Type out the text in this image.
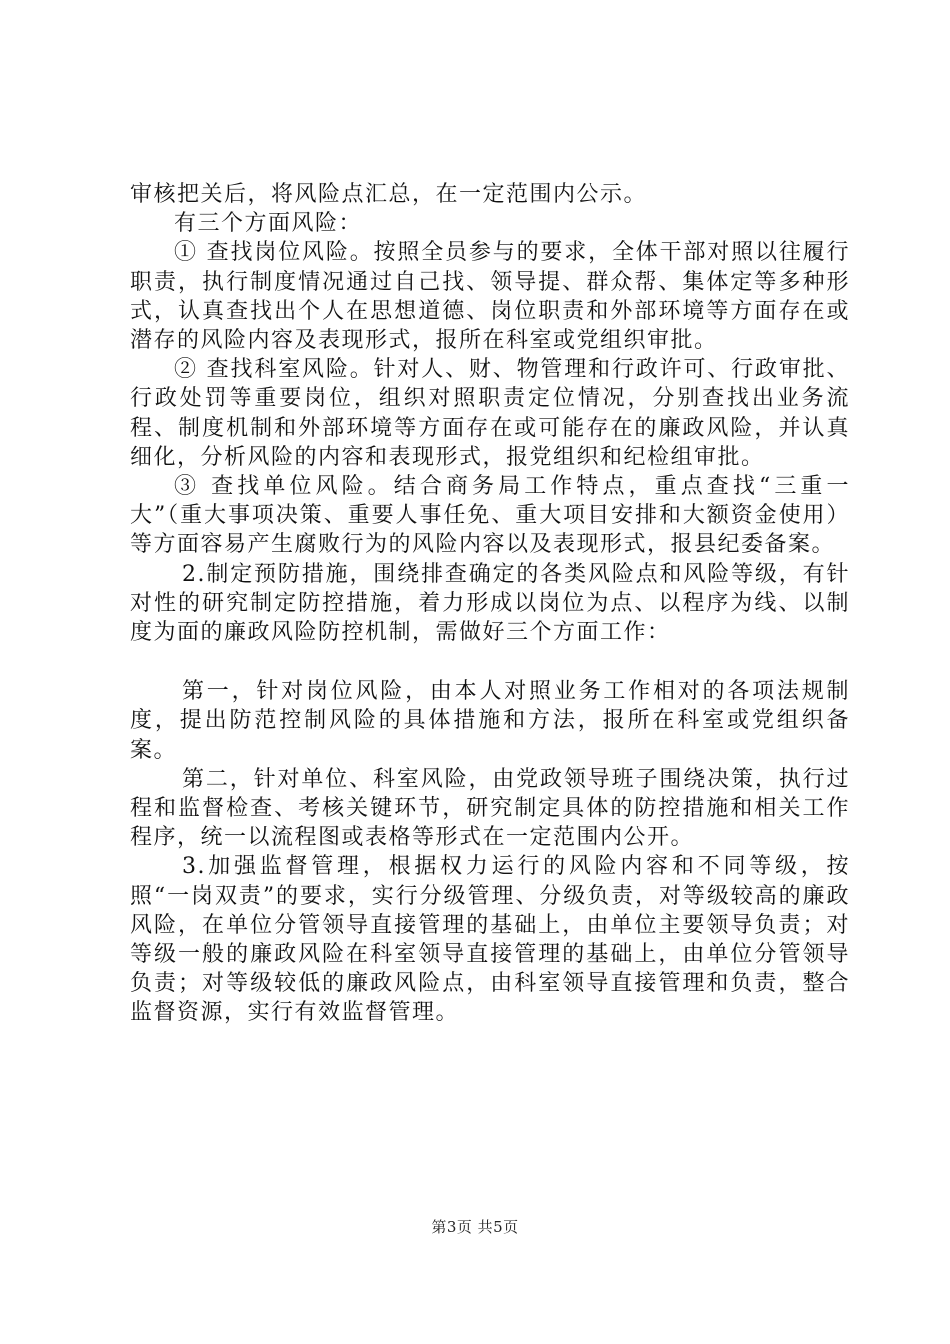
审核把关后，将风险点汇总，在一定范围内公示。

有三个方面风险：

① 查找岗位风险。按照全员参与的要求，全体干部对照以往履行职责，执行制度情况通过自己找、领导提、群众帮、集体定等多种形式，认真查找出个人在思想道德、岗位职责和外部环境等方面存在或潜存的风险内容及表现形式，报所在科室或党组织审批。

② 查找科室风险。针对人、财、物管理和行政许可、行政审批、行政处罚等重要岗位，组织对照职责定位情况，分别查找出业务流程、制度机制和外部环境等方面存在或可能存在的廉政风险，并认真细化，分析风险的内容和表现形式，报党组织和纪检组审批。

③ 查找单位风险。结合商务局工作特点，重点查找“三重一大”（重大事项决策、重要人事任免、重大项目安排和大额资金使用）等方面容易产生腐败行为的风险内容以及表现形式，报县纪委备案。

2.制定预防措施，围绕排查确定的各类风险点和风险等级，有针对性的研究制定防控措施，着力形成以岗位为点、以程序为线、以制度为面的廉政风险防控机制，需做好三个方面工作：

第一，针对岗位风险，由本人对照业务工作相对的各项法规制度，提出防范控制风险的具体措施和方法，报所在科室或党组织备案。

第二，针对单位、科室风险，由党政领导班子围绕决策，执行过程和监督检查、考核关键环节，研究制定具体的防控措施和相关工作程序，统一以流程图或表格等形式在一定范围内公开。

3.加强监督管理，根据权力运行的风险内容和不同等级，按照“一岗双责”的要求，实行分级管理、分级负责，对等级较高的廉政风险，在单位分管领导直接管理的基础上，由单位主要领导负责；对等级一般的廉政风险在科室领导直接管理的基础上，由单位分管领导负责；对等级较低的廉政风险点，由科室领导直接管理和负责，整合监督资源，实行有效监督管理。

第3页 共5页
